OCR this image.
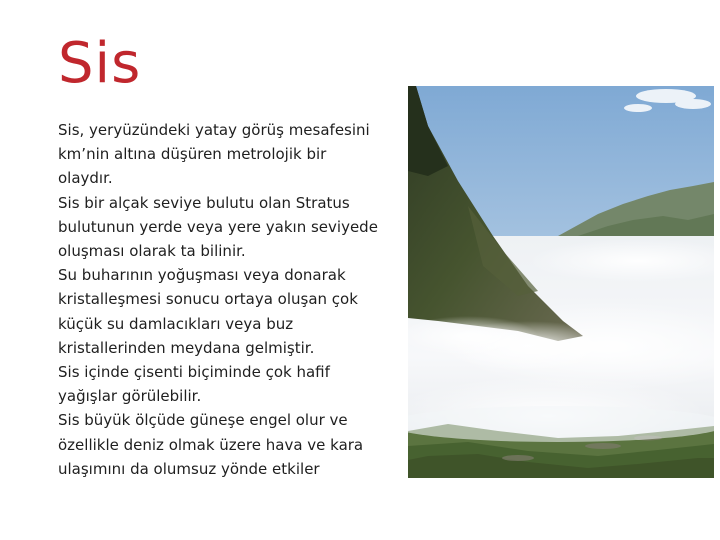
Sis

Sis, yeryüzündeki yatay görüş mesafesini

km’nin altına düşüren metrolojik bir

olaydır.

Sis bir alçak seviye bulutu olan Stratus

bulutunun yerde veya yere yakın seviyede

oluşması olarak ta bilinir.

Su buharının yoğuşması veya donarak

kristalleşmesi sonucu ortaya oluşan çok

küçük su damlacıkları veya buz

kristallerinden meydana gelmiştir.

Sis içinde çisenti biçiminde çok hafif

yağışlar görülebilir.

Sis büyük ölçüde güneşe engel olur ve

özellikle deniz olmak üzere hava ve kara

ulaşımını da olumsuz yönde etkiler
